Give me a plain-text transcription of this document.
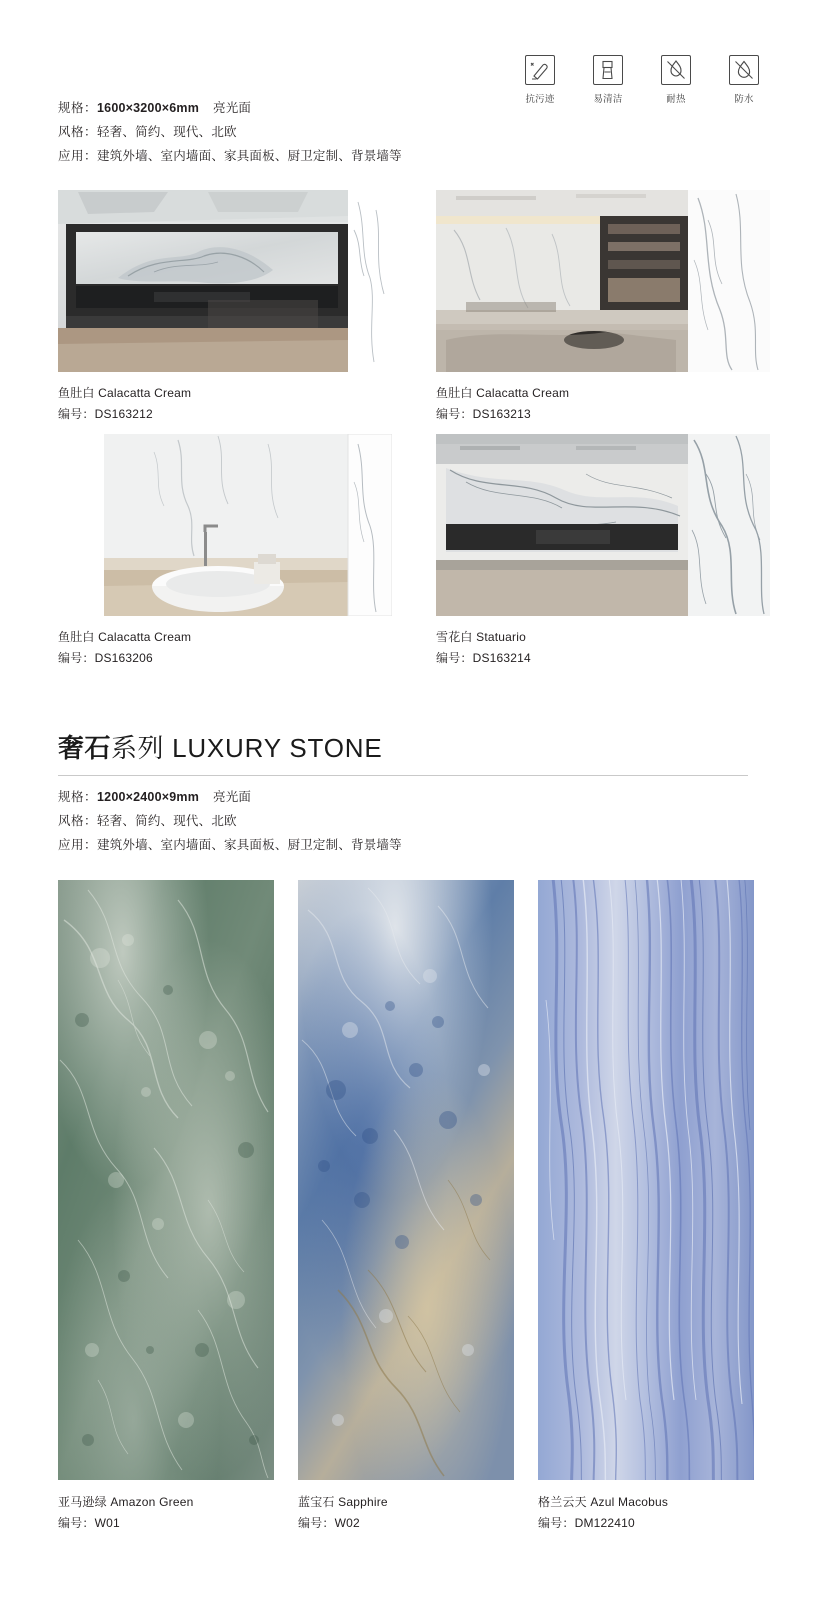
抗污迹	易清洁	耐热	防水
规格：1600×3200×6mm 亮光面
风格：轻奢、简约、现代、北欧
应用：建筑外墙、室内墙面、家具面板、厨卫定制、背景墙等
鱼肚白 Calacatta Cream
编号：DS163212
鱼肚白 Calacatta Cream
编号：DS163213
鱼肚白 Calacatta Cream
编号：DS163206
雪花白 Statuario
编号：DS163214
奢石系列 LUXURY STONE
规格：1200×2400×9mm 亮光面
风格：轻奢、简约、现代、北欧
应用：建筑外墙、室内墙面、家具面板、厨卫定制、背景墙等
亚马逊绿 Amazon Green
编号：W01
蓝宝石 Sapphire
编号：W02
格兰云天 Azul Macobus
编号：DM122410
